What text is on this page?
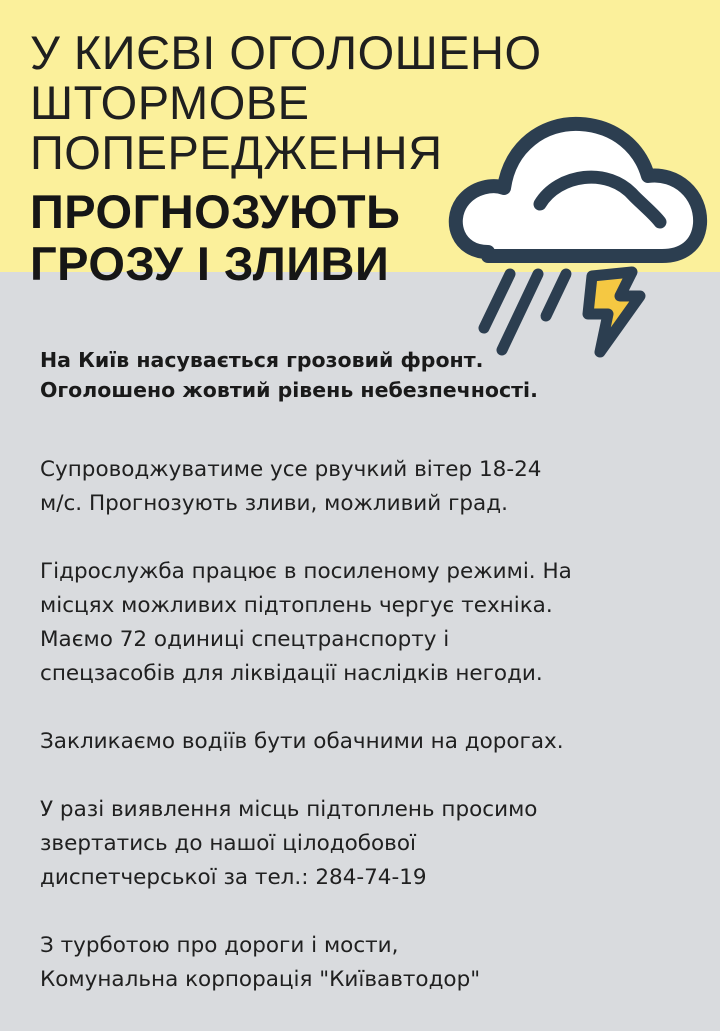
У КИЄВІ ОГОЛОШЕНО
ШТОРМОВЕ
ПОПЕРЕДЖЕННЯ
ПРОГНОЗУЮТЬ
ГРОЗУ І ЗЛИВИ
На Київ насувається грозовий фронт.
Оголошено жовтий рівень небезпечності.
Супроводжуватиме усе рвучкий вітер 18-24
м/с. Прогнозують зливи, можливий град.
Гідрослужба працює в посиленому режимі. На
місцях можливих підтоплень чергує техніка.
Маємо 72 одиниці спецтранспорту і
спецзасобів для ліквідації наслідків негоди.
Закликаємо водіїв бути обачними на дорогах.
У разі виявлення місць підтоплень просимо
звертатись до нашої цілодобової
диспетчерської за тел.: 284-74-19
З турботою про дороги і мости,
Комунальна корпорація "Київавтодор"
